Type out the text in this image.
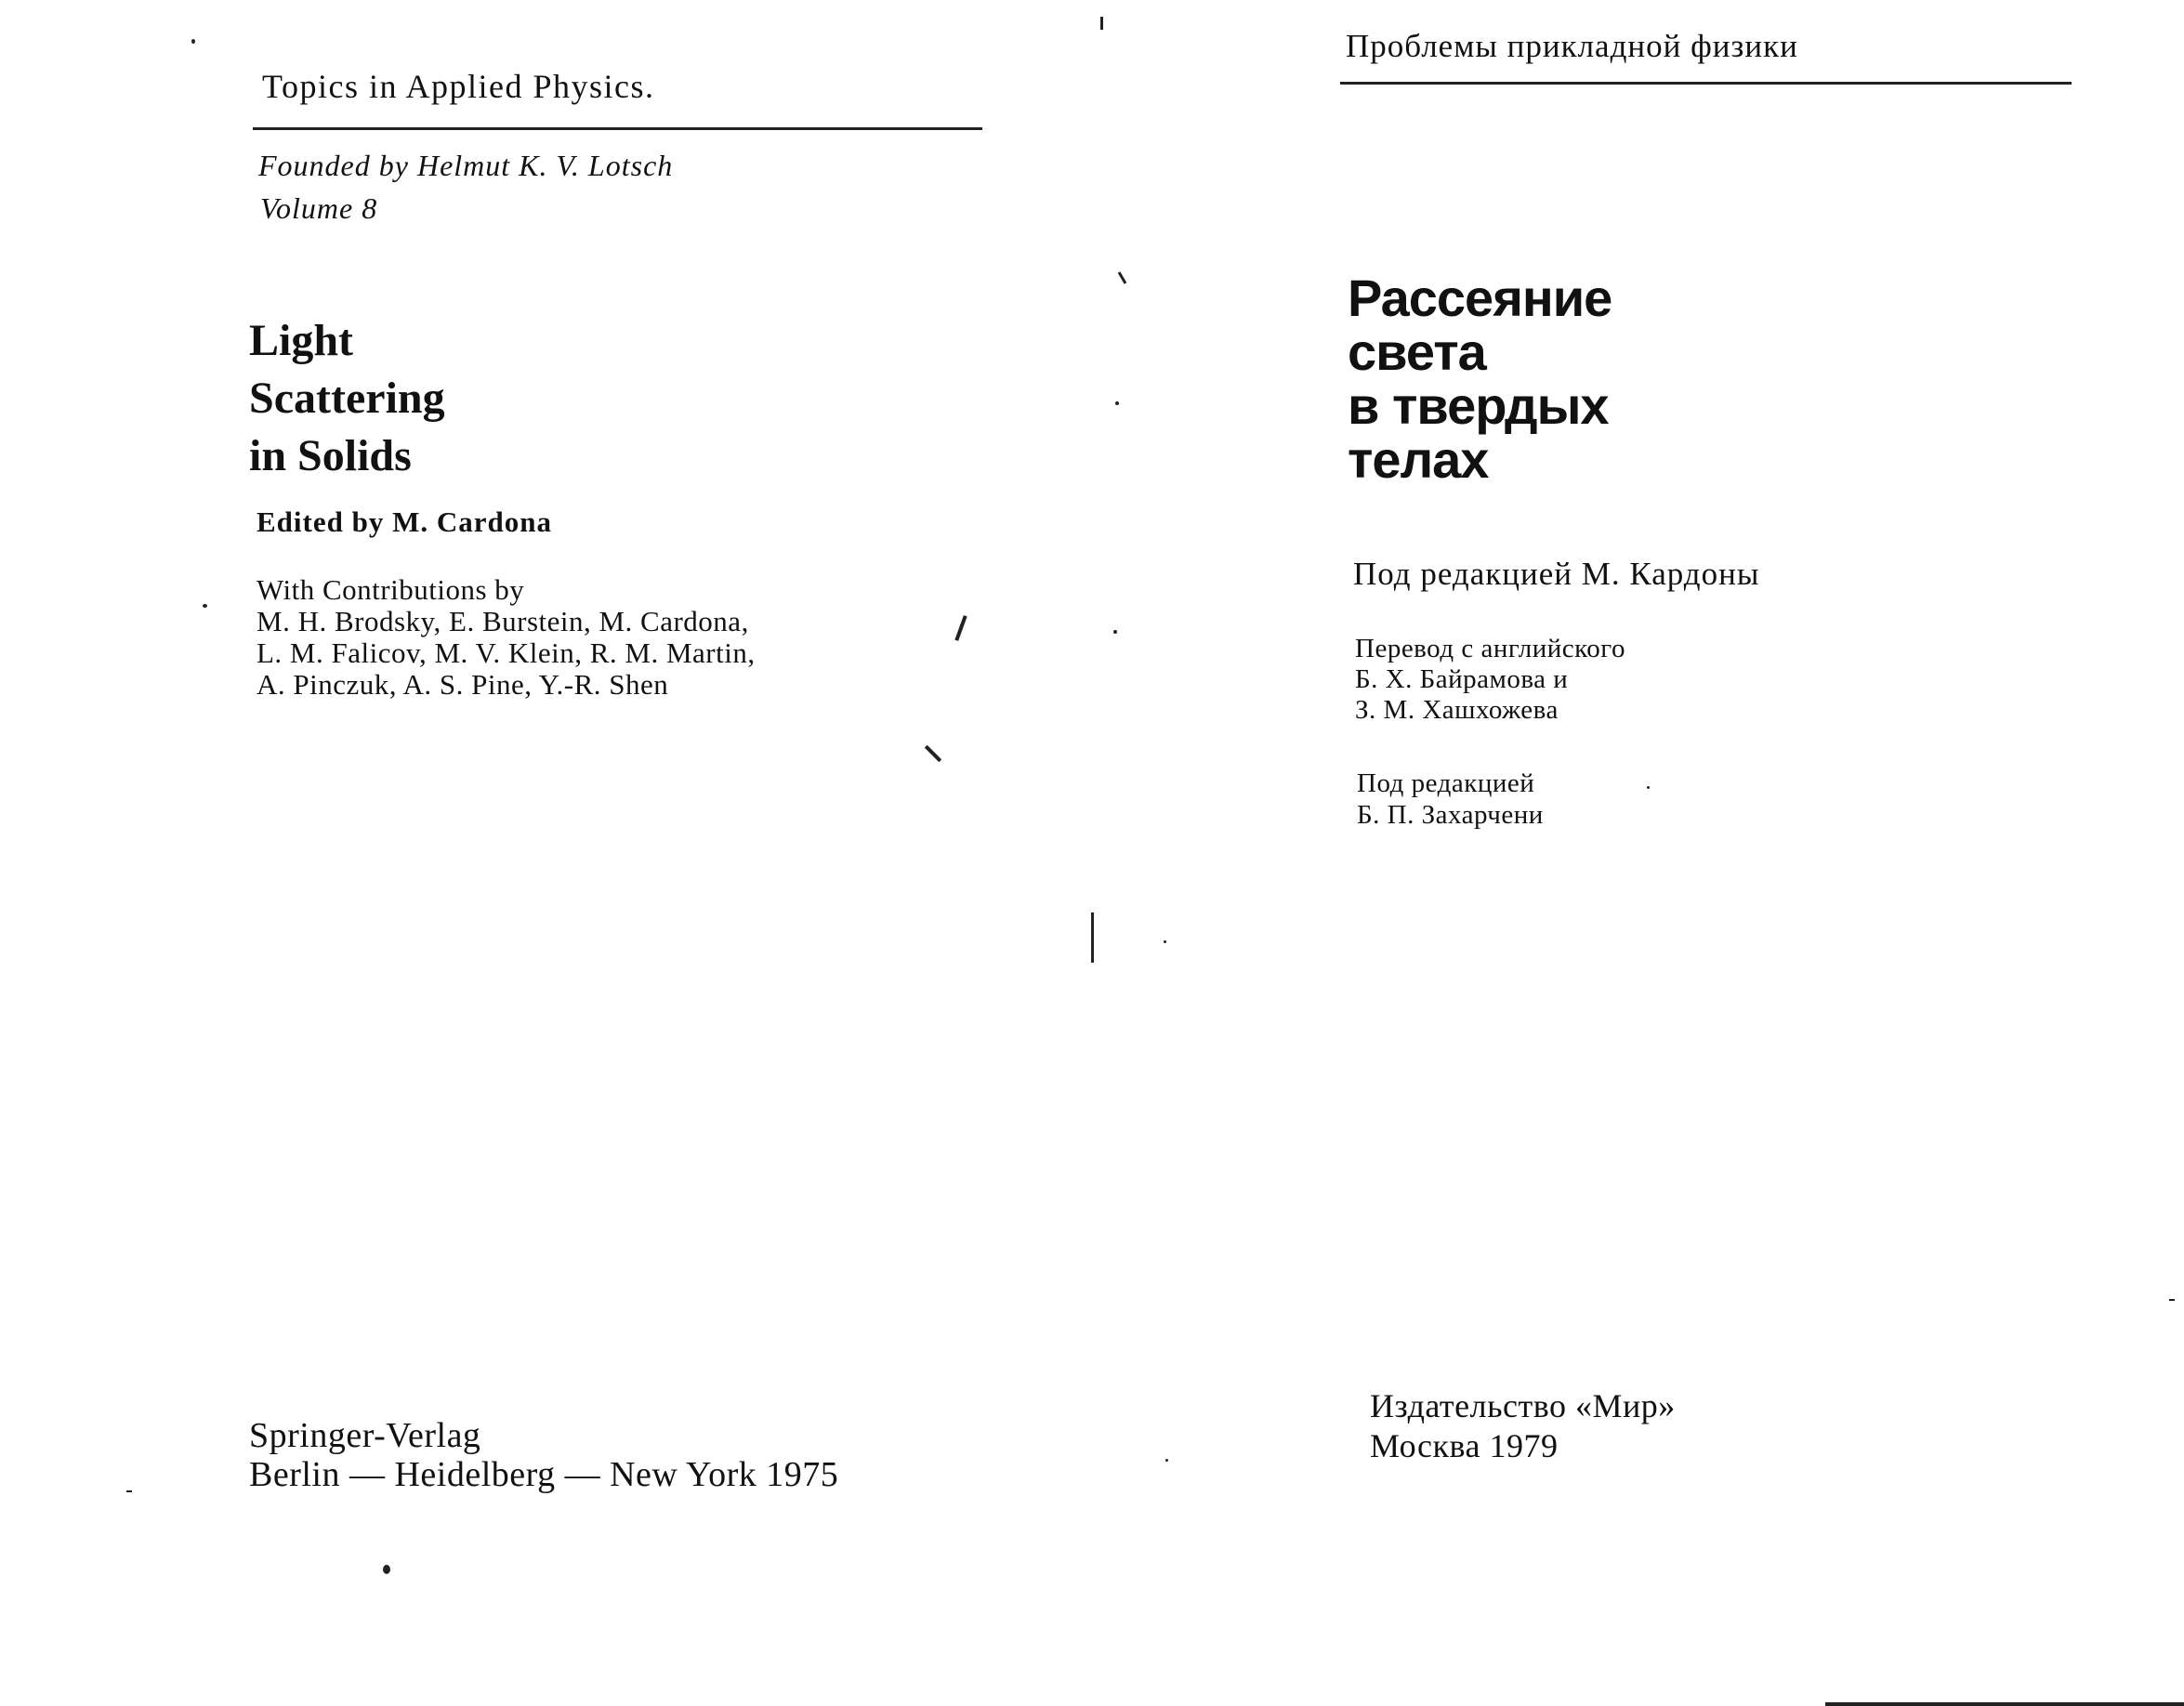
Topics in Applied Physics.
Founded by Helmut K. V. Lotsch
Volume 8
Light
Scattering
in Solids
Edited by M. Cardona
With Contributions by
M. H. Brodsky, E. Burstein, M. Cardona,
L. M. Falicov, M. V. Klein, R. M. Martin,
A. Pinczuk, A. S. Pine, Y.-R. Shen
Springer-Verlag
Berlin — Heidelberg — New York 1975
Проблемы прикладной физики
Рассеяние
света
в твердых
телах
Под редакцией М. Кардоны
Перевод с английского
Б. Х. Байрамова и
З. М. Хашхожева
Под редакцией
Б. П. Захарчени
Издательство «Мир»
Москва 1979
